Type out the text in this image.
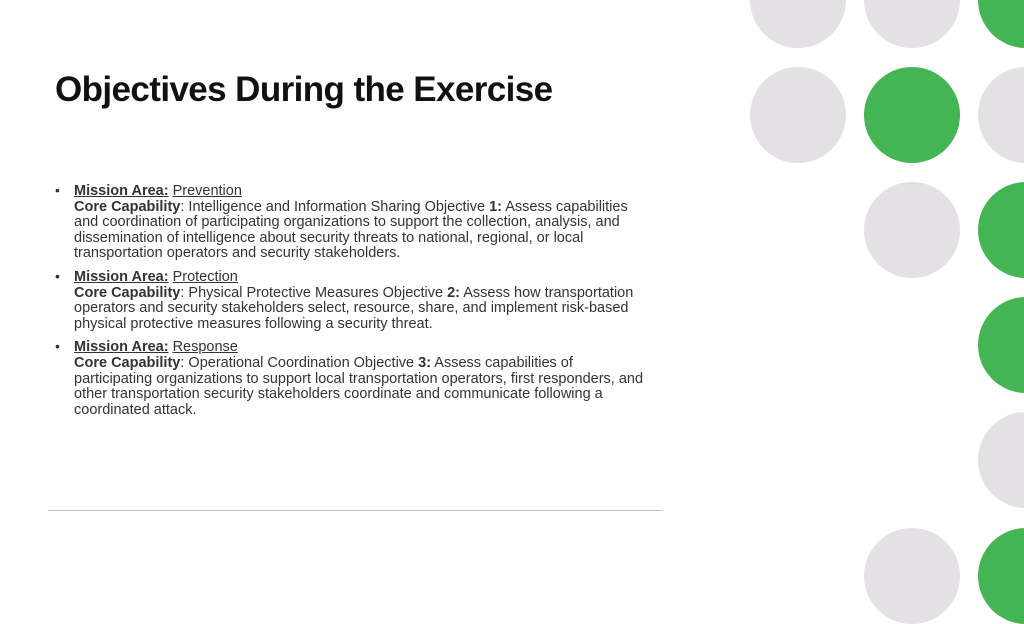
Objectives During the Exercise
• Mission Area: Prevention
Core Capability: Intelligence and Information Sharing Objective 1: Assess capabilities and coordination of participating organizations to support the collection, analysis, and dissemination of intelligence about security threats to national, regional, or local transportation operators and security stakeholders.
• Mission Area: Protection
Core Capability: Physical Protective Measures Objective 2: Assess how transportation operators and security stakeholders select, resource, share, and implement risk-based physical protective measures following a security threat.
• Mission Area: Response
Core Capability: Operational Coordination Objective 3: Assess capabilities of participating organizations to support local transportation operators, first responders, and other transportation security stakeholders coordinate and communicate following a coordinated attack.
